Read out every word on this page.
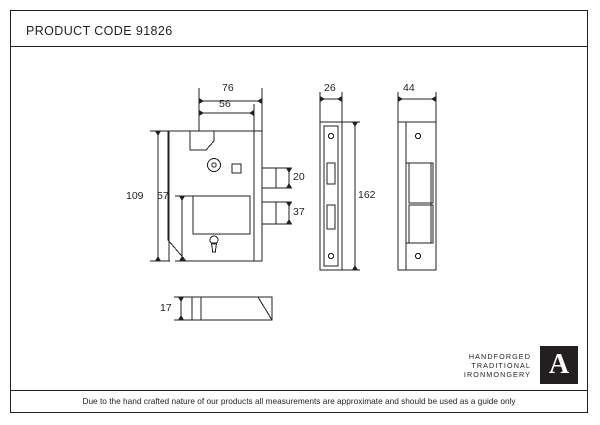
PRODUCT CODE 91826
Due to the hand crafted nature of our products all measurements are approximate and should be used as a guide only
76
56
109 57
20
37
26
162
44
17
HANDFORGED
TRADITIONAL
IRONMONGERY A
